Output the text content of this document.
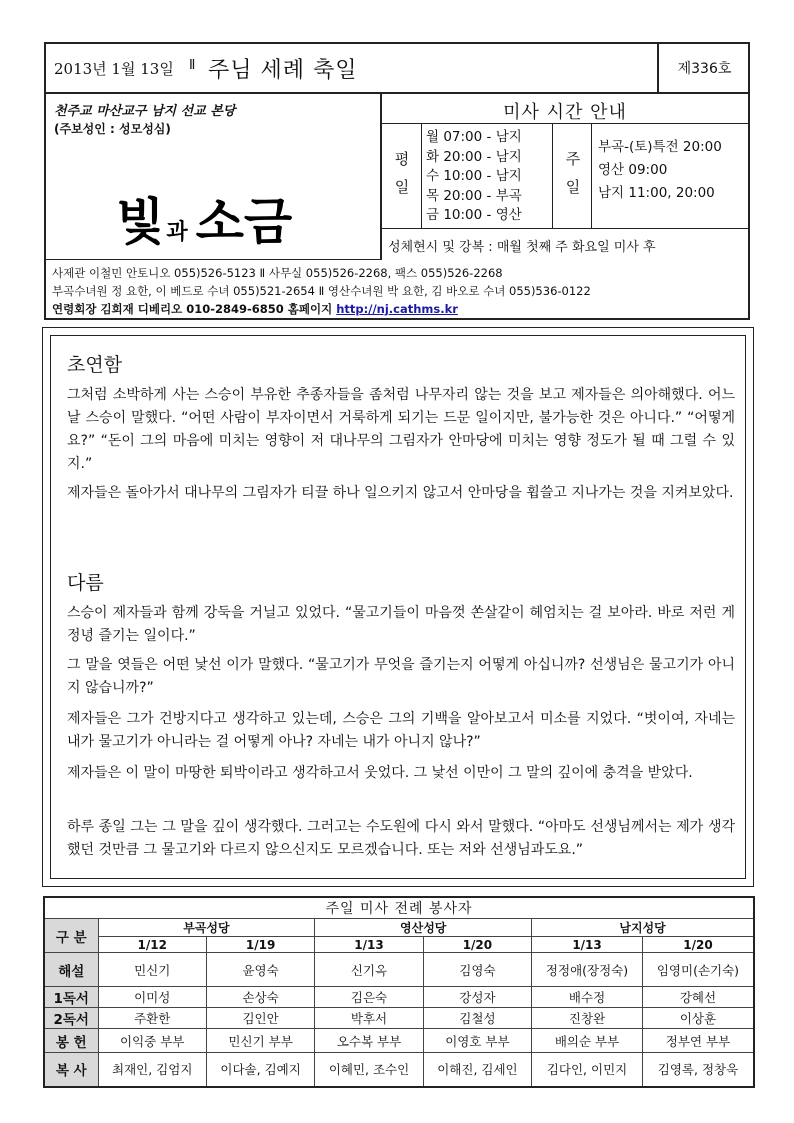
2013년 1월 13일 Ⅱ 주님 세례 축일	제336호
천주교 마산교구 남지 선교 본당
(주보성인 : 성모성심)
빛과 소금
미사 시간 안내
평
일
월 07:00 - 남지
화 20:00 - 남지
수 10:00 - 남지
목 20:00 - 부곡
금 10:00 - 영산
주
일
부곡-(토)특전 20:00
영산 09:00
남지 11:00, 20:00
성체현시 및 강복 : 매월 첫째 주 화요일 미사 후
사제관 이철민 안토니오 055)526-5123 Ⅱ 사무실 055)526-2268, 팩스 055)526-2268
부곡수녀원 정 요한, 이 베드로 수녀 055)521-2654 Ⅱ 영산수녀원 박 요한, 김 바오로 수녀 055)536-0122
연령회장 김희재 디베리오 010-2849-6850 홈페이지 http://nj.cathms.kr
초연함
그처럼 소박하게 사는 스승이 부유한 추종자들을 좀처럼 나무자리 않는 것을 보고 제자들은 의아해했다. 어느 날 스승이 말했다. “어떤 사람이 부자이면서 거룩하게 되기는 드문 일이지만, 불가능한 것은 아니다.” “어떻게요?” “돈이 그의 마음에 미치는 영향이 저 대나무의 그림자가 안마당에 미치는 영향 정도가 될 때 그럴 수 있지.”
제자들은 돌아가서 대나무의 그림자가 티끌 하나 일으키지 않고서 안마당을 휩쓸고 지나가는 것을 지켜보았다.
다름
스승이 제자들과 함께 강둑을 거닐고 있었다. “물고기들이 마음껏 쏜살같이 헤엄치는 걸 보아라. 바로 저런 게 정녕 즐기는 일이다.”
그 말을 엿들은 어떤 낯선 이가 말했다. “물고기가 무엇을 즐기는지 어떻게 아십니까? 선생님은 물고기가 아니지 않습니까?”
제자들은 그가 건방지다고 생각하고 있는데, 스승은 그의 기백을 알아보고서 미소를 지었다. “벗이여, 자네는 내가 물고기가 아니라는 걸 어떻게 아나? 자네는 내가 아니지 않나?”
제자들은 이 말이 마땅한 퇴박이라고 생각하고서 웃었다. 그 낯선 이만이 그 말의 깊이에 충격을 받았다.
하루 종일 그는 그 말을 깊이 생각했다. 그러고는 수도원에 다시 와서 말했다. “아마도 선생님께서는 제가 생각했던 것만큼 그 물고기와 다르지 않으신지도 모르겠습니다. 또는 저와 선생님과도요.”
주일 미사 전례 봉사자						
구 분	부곡성당		영산성당		남지성당	
	1/12	1/19	1/13	1/20	1/13	1/20
해설	민신기	윤영숙	신기옥	김영숙	정정애(장정숙)	임영미(손기숙)
1독서	이미성	손상숙	김은숙	강성자	배수정	강혜선
2독서	주환한	김인안	박후서	김철성	진창완	이상훈
봉 헌	이익중 부부	민신기 부부	오수복 부부	이영호 부부	배의순 부부	정부연 부부
복 사	최재인, 김엄지	이다솔, 김예지	이혜민, 조수인	이해진, 김세인	김다인, 이민지	김영록, 정창욱
